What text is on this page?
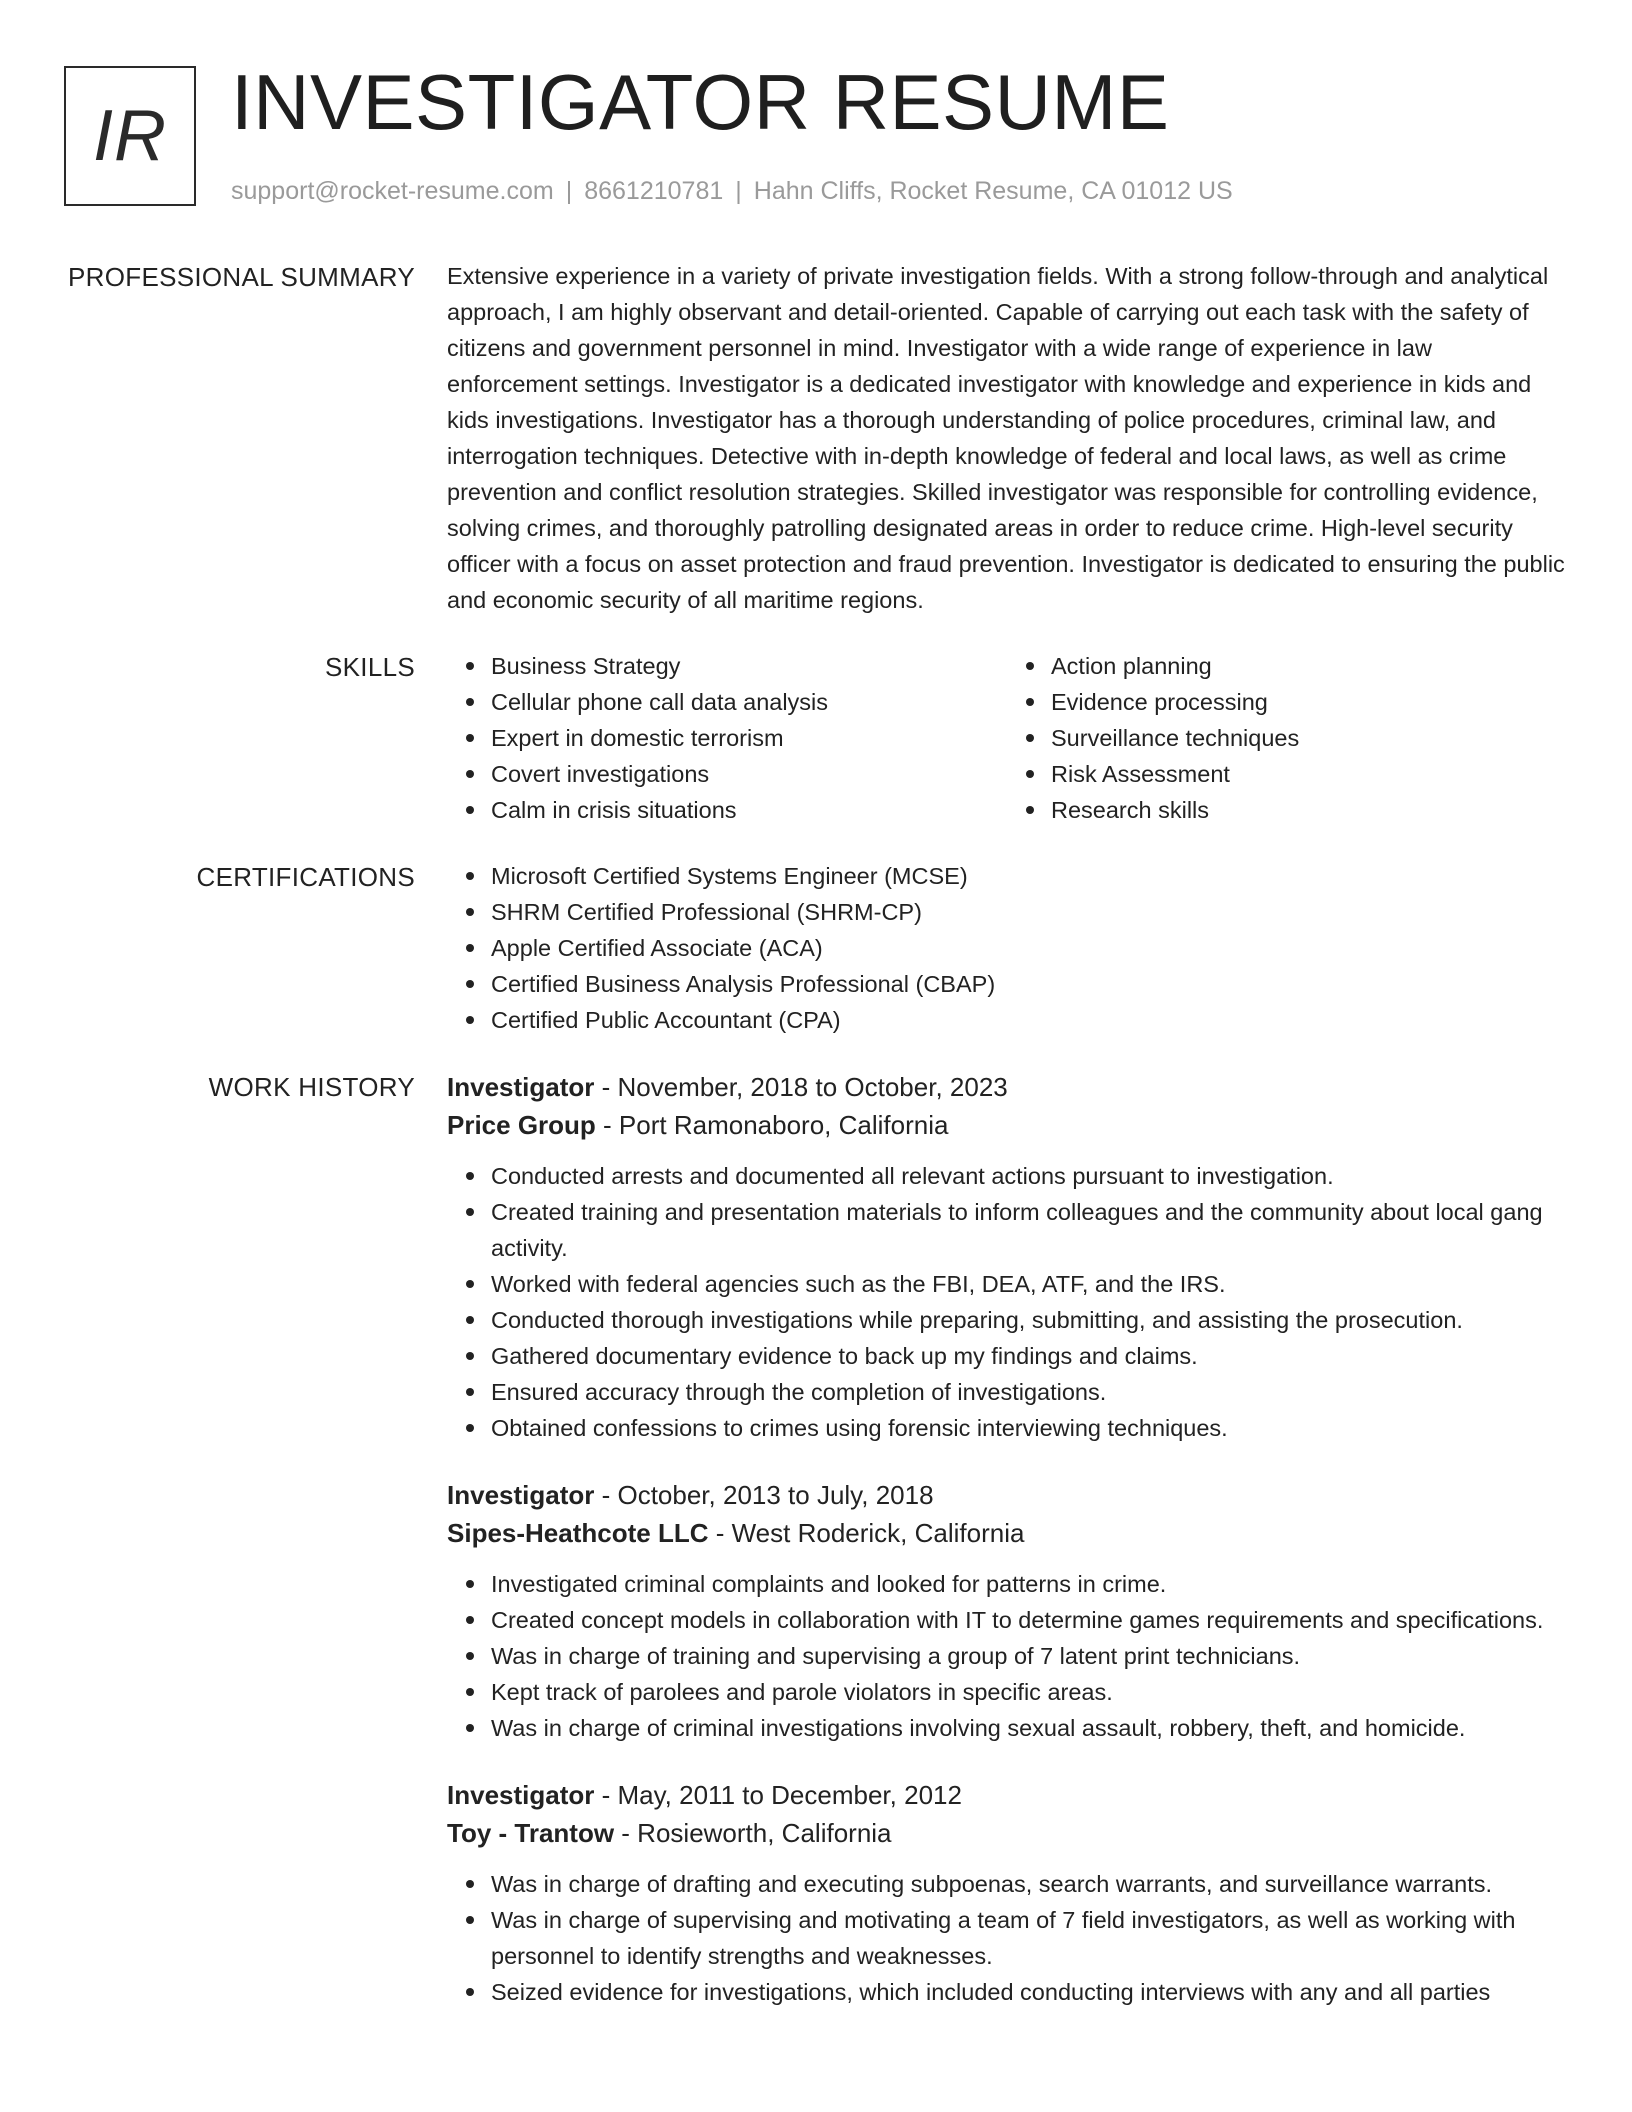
IR INVESTIGATOR RESUME
support@rocket-resume.com | 8661210781 | Hahn Cliffs, Rocket Resume, CA 01012 US
PROFESSIONAL SUMMARY Extensive experience in a variety of private investigation fields. With a strong follow-through and analytical approach, I am highly observant and detail-oriented. Capable of carrying out each task with the safety of citizens and government personnel in mind. Investigator with a wide range of experience in law enforcement settings. Investigator is a dedicated investigator with knowledge and experience in kids and kids investigations. Investigator has a thorough understanding of police procedures, criminal law, and interrogation techniques. Detective with in-depth knowledge of federal and local laws, as well as crime prevention and conflict resolution strategies. Skilled investigator was responsible for controlling evidence, solving crimes, and thoroughly patrolling designated areas in order to reduce crime. High-level security officer with a focus on asset protection and fraud prevention. Investigator is dedicated to ensuring the public and economic security of all maritime regions.

SKILLS	Business Strategy
Cellular phone call data analysis
Expert in domestic terrorism
Covert investigations
Calm in crisis situations
Action planning
Evidence processing
Surveillance techniques
Risk Assessment
Research skills
CERTIFICATIONS	Microsoft Certified Systems Engineer (MCSE)
SHRM Certified Professional (SHRM-CP)
Apple Certified Associate (ACA)
Certified Business Analysis Professional (CBAP)
Certified Public Accountant (CPA)
WORK HISTORY Investigator - November, 2018 to October, 2023
Price Group - Port Ramonaboro, California
Conducted arrests and documented all relevant actions pursuant to investigation.
Created training and presentation materials to inform colleagues and the community about local gang activity.
Worked with federal agencies such as the FBI, DEA, ATF, and the IRS.
Conducted thorough investigations while preparing, submitting, and assisting the prosecution.
Gathered documentary evidence to back up my findings and claims.
Ensured accuracy through the completion of investigations.
Obtained confessions to crimes using forensic interviewing techniques.
Investigator - October, 2013 to July, 2018
Sipes-Heathcote LLC - West Roderick, California
Investigated criminal complaints and looked for patterns in crime.
Created concept models in collaboration with IT to determine games requirements and specifications.
Was in charge of training and supervising a group of 7 latent print technicians.
Kept track of parolees and parole violators in specific areas.
Was in charge of criminal investigations involving sexual assault, robbery, theft, and homicide.
Investigator - May, 2011 to December, 2012
Toy - Trantow - Rosieworth, California
Was in charge of drafting and executing subpoenas, search warrants, and surveillance warrants.
Was in charge of supervising and motivating a team of 7 field investigators, as well as working with personnel to identify strengths and weaknesses.
Seized evidence for investigations, which included conducting interviews with any and all parties
